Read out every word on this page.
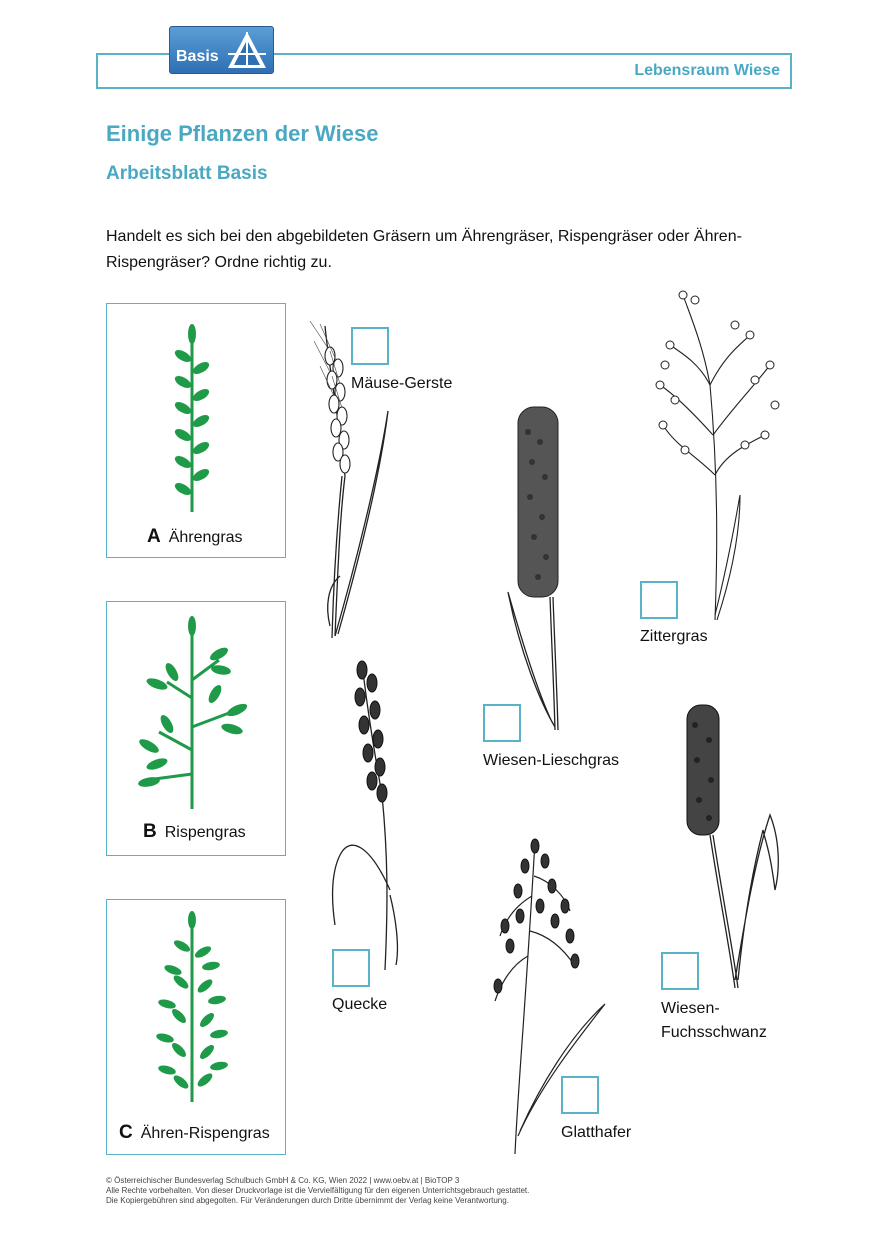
Basis
Lebensraum Wiese
Einige Pflanzen der Wiese
Arbeitsblatt Basis
Handelt es sich bei den abgebildeten Gräsern um Ährengräser, Rispengräser oder Ähren-Rispengräser? Ordne richtig zu.
A Ährengras
B Rispengras
C Ähren-Rispengras
Mäuse-Gerste
Zittergras
Wiesen-Lieschgras
Quecke	Wiesen-
Fuchsschwanz
Glatthafer
© Österreichischer Bundesverlag Schulbuch GmbH & Co. KG, Wien 2022 | www.oebv.at | BioTOP 3
Alle Rechte vorbehalten. Von dieser Druckvorlage ist die Vervielfältigung für den eigenen Unterrichtsgebrauch gestattet.
Die Kopiergebühren sind abgegolten. Für Veränderungen durch Dritte übernimmt der Verlag keine Verantwortung.
